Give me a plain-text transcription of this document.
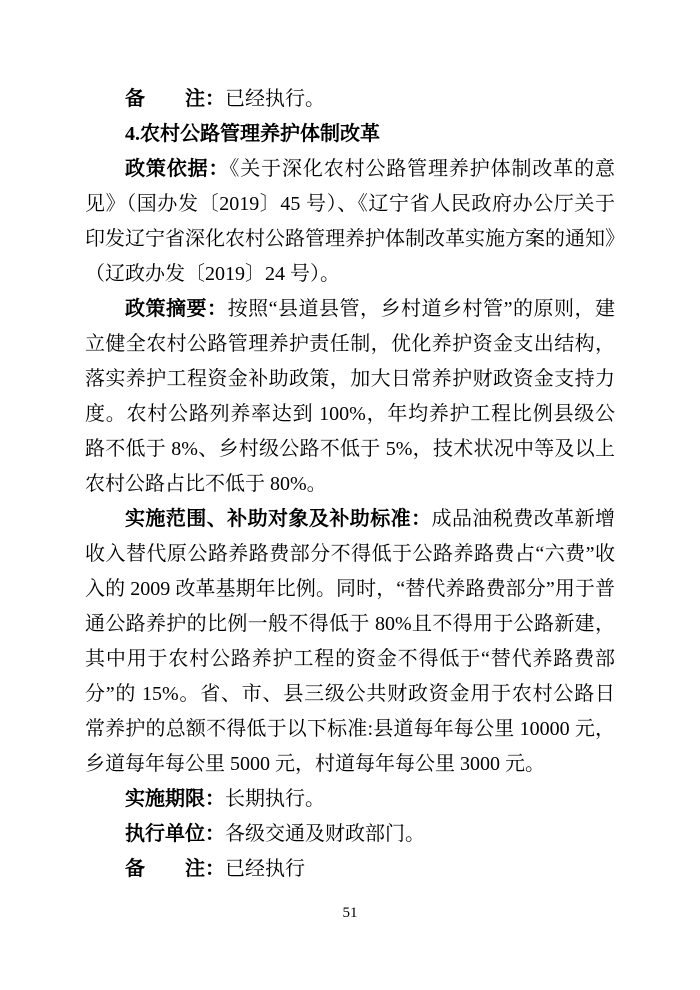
备　　注：已经执行。

4.农村公路管理养护体制改革

政策依据：《关于深化农村公路管理养护体制改革的意见》（国办发〔2019〕45 号）、《辽宁省人民政府办公厅关于印发辽宁省深化农村公路管理养护体制改革实施方案的通知》（辽政办发〔2019〕24 号）。

政策摘要：按照“县道县管，乡村道乡村管”的原则，建立健全农村公路管理养护责任制，优化养护资金支出结构，落实养护工程资金补助政策，加大日常养护财政资金支持力度。农村公路列养率达到 100%，年均养护工程比例县级公路不低于 8%、乡村级公路不低于 5%，技术状况中等及以上农村公路占比不低于 80%。

实施范围、补助对象及补助标准：成品油税费改革新增收入替代原公路养路费部分不得低于公路养路费占“六费”收入的 2009 改革基期年比例。同时，“替代养路费部分”用于普通公路养护的比例一般不得低于 80%且不得用于公路新建，其中用于农村公路养护工程的资金不得低于“替代养路费部分”的 15%。省、市、县三级公共财政资金用于农村公路日常养护的总额不得低于以下标准:县道每年每公里 10000 元，乡道每年每公里 5000 元，村道每年每公里 3000 元。

实施期限：长期执行。

执行单位：各级交通及财政部门。

备　　注：已经执行

51
